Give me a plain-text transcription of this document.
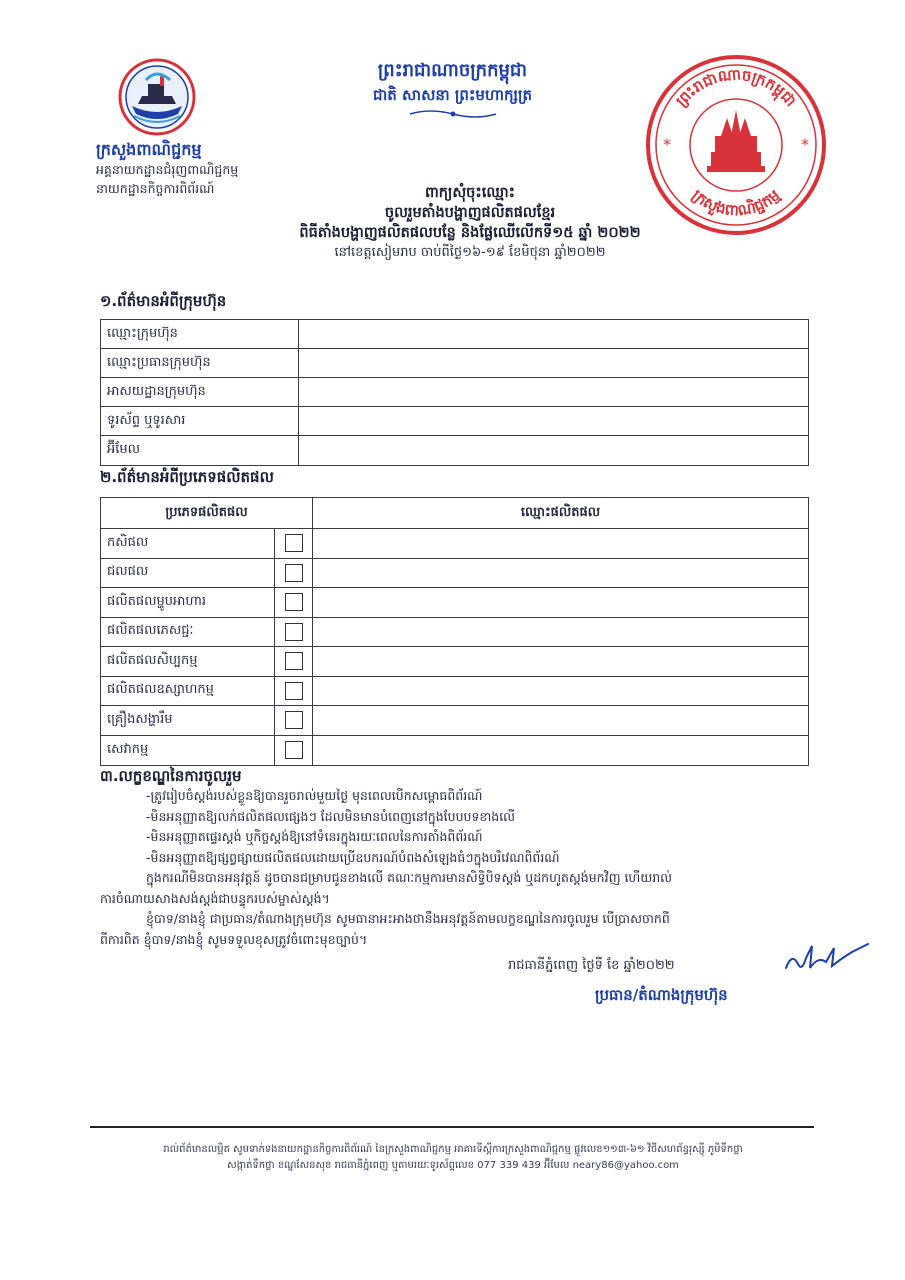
ក្រសួងពាណិជ្ជកម្ម
អគ្គនាយកដ្ឋានជំរុញពាណិជ្ជកម្ម
នាយកដ្ឋានកិច្ចការពិព័រណ៍
ព្រះរាជាណាចក្រកម្ពុជា
ជាតិ សាសនា ព្រះមហាក្សត្រ	ព្រះរាជាណាចក្រកម្ពុជា
ក្រសួងពាណិជ្ជកម្ម
*	*
ពាក្យសុំចុះឈ្មោះ
ចូលរួមតាំងបង្ហាញផលិតផលខ្មែរ
ពិធីតាំងបង្ហាញផលិតផលបន្លែ និងផ្លែឈើលើកទី១៥ ឆ្នាំ ២០២២
នៅខេត្តសៀមរាប ចាប់ពីថ្ងៃ១៦-១៩ ខែមិថុនា ឆ្នាំ២០២២
១.ព័ត៌មានអំពីក្រុមហ៊ុន
ឈ្មោះក្រុមហ៊ុន	
ឈ្មោះប្រធានក្រុមហ៊ុន	
អាសយដ្ឋានក្រុមហ៊ុន	
ទូរស័ព្ទ ឬទូរសារ	
អ៊ីមែល	
២.ព័ត៌មានអំពីប្រភេទផលិតផល
ប្រភេទផលិតផល		ឈ្មោះផលិតផល
កសិផល	

ជលផល	

ផលិតផលម្ហូបអាហារ	

ផលិតផលភេសជ្ជៈ	

ផលិតផលសិប្បកម្ម	

ផលិតផលឧស្សាហកម្ម	

គ្រឿងសង្ហារឹម	

សេវាកម្ម	

៣.លក្ខខណ្ឌនៃការចូលរួម
-ត្រូវរៀបចំស្តង់របស់ខ្លួនឱ្យបានរួចរាល់មួយថ្ងៃ មុនពេលបើកសម្ពោធពិព័រណ៍
-មិនអនុញ្ញាតឱ្យលក់ផលិតផលផ្សេងៗ ដែលមិនមានបំពេញនៅក្នុងបែបបទខាងលើ
-មិនអនុញ្ញាតផ្ទេរស្តង់ ឬកិច្ចស្តង់ឱ្យនៅទំនេរក្នុងរយៈពេលនៃការតាំងពិព័រណ៍
-មិនអនុញ្ញាតឱ្យផ្សព្វផ្សាយផលិតផលដោយប្រើឧបករណ៍បំពងសំឡេងធំៗក្នុងបរិវេណពិព័រណ៍
ក្នុងករណីមិនបានអនុវត្តន៍ ដូចបានជម្រាបជូនខាងលើ គណៈកម្មការមានសិទ្ធិបិទស្តង់ ឬដកហូតស្តង់មកវិញ ហើយរាល់
ការចំណាយសាងសង់ស្តង់ជាបន្ទុករបស់ម្ចាស់ស្តង់។
ខ្ញុំបាទ/នាងខ្ញុំ ជាប្រធាន/តំណាងក្រុមហ៊ុន សូមធានាអះអាងថានឹងអនុវត្តន៍តាមលក្ខខណ្ឌនៃការចូលរួម បើប្រាសចាកពី
ពីការពិត ខ្ញុំបាទ/នាងខ្ញុំ សូមទទួលខុសត្រូវចំពោះមុខច្បាប់។
រាជធានីភ្នំពេញ ថ្ងៃទី ខែ ឆ្នាំ២០២២
ប្រធាន/តំណាងក្រុមហ៊ុន
រាល់ព័ត៌មានលម្អិត សូមទាក់ទងនាយកដ្ឋានកិច្ចការពិព័រណ៍ នៃក្រសួងពាណិជ្ជកម្ម អាគារទីស្តីការក្រសួងពាណិជ្ជកម្ម ផ្លូវលេខ១១៣-៦១ វិថីសហព័ន្ធរុស្ស៊ី ភូមិទឹកថ្លា
សង្កាត់ទឹកថ្លា ខណ្ឌសែនសុខ រាជធានីភ្នំពេញ ឬតាមរយៈទូរស័ព្ទលេខ 077 339 439 អ៊ីមែល neary86@yahoo.com
